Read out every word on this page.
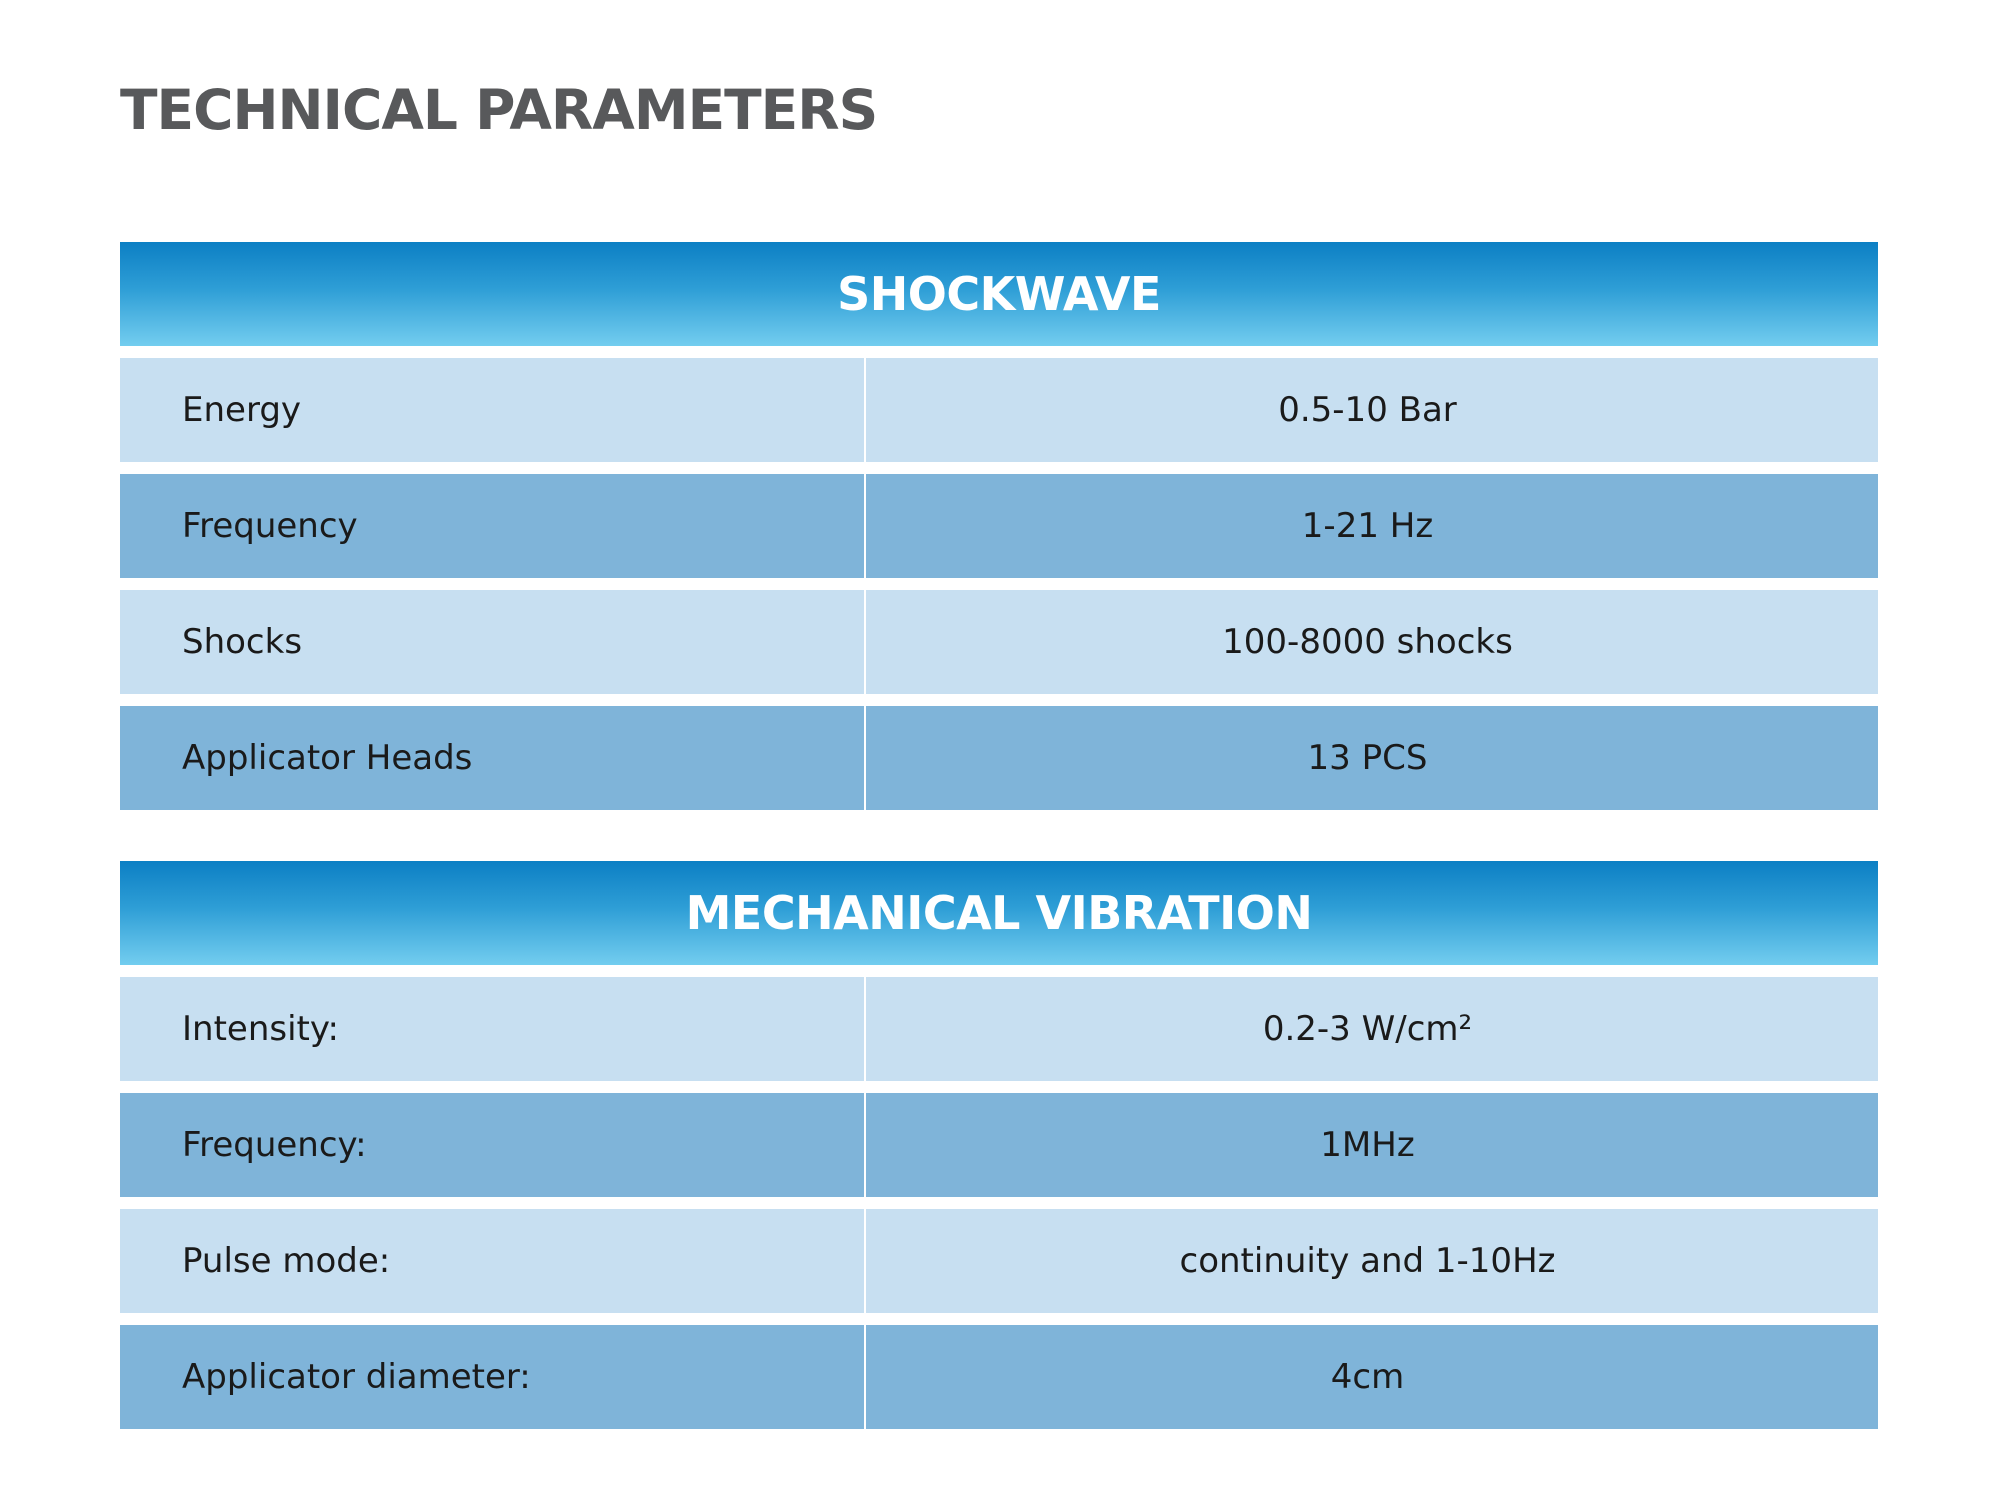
TECHNICAL PARAMETERS
SHOCKWAVE	

Energy	0.5-10 Bar

Frequency	1-21 Hz

Shocks	100-8000 shocks

Applicator Heads	13 PCS
MECHANICAL VIBRATION	

Intensity:	0.2-3 W/cm²

Frequency:	1MHz

Pulse mode:	continuity and 1-10Hz

Applicator diameter:	4cm
